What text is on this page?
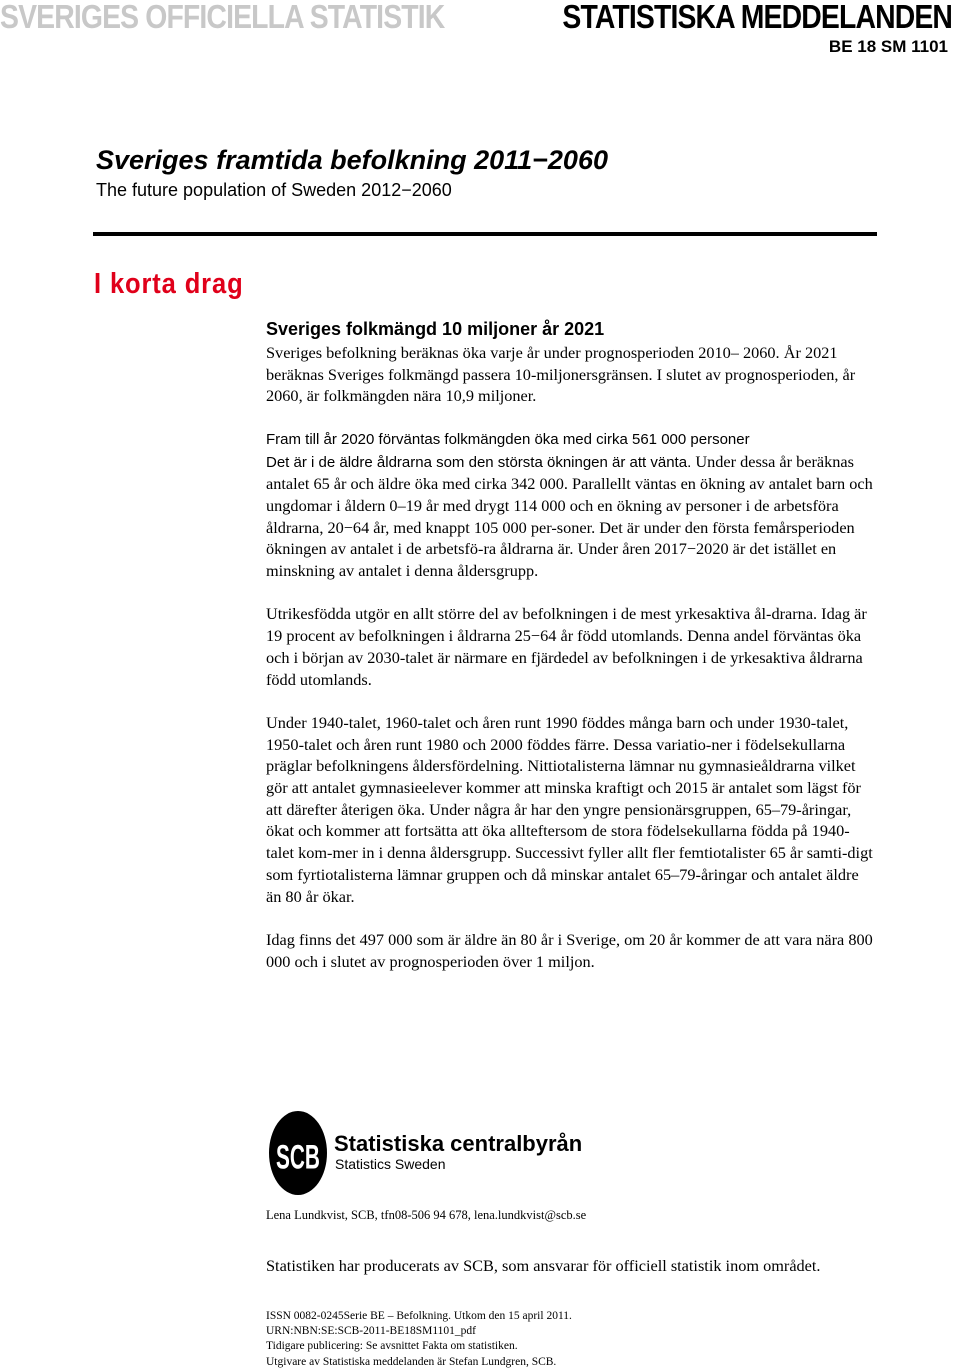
SVERIGES OFFICIELLA STATISTIK	STATISTISKA MEDDELANDEN
BE 18 SM 1101
Sveriges framtida befolkning 2011−2060
The future population of Sweden 2012−2060
I korta drag
Sveriges folkmängd 10 miljoner år 2021

Sveriges befolkning beräknas öka varje år under prognosperioden 2010– 2060. År 2021 beräknas Sveriges folkmängd passera 10-miljonersgränsen. I slutet av prognosperioden, år 2060, är folkmängden nära 10,9 miljoner.

Fram till år 2020 förväntas folkmängden öka med cirka 561 000 personer
Det är i de äldre åldrarna som den största ökningen är att vänta. Under dessa år beräknas antalet 65 år och äldre öka med cirka 342 000. Parallellt väntas en ökning av antalet barn och ungdomar i åldern 0–19 år med drygt 114 000 och en ökning av personer i de arbetsföra åldrarna, 20−64 år, med knappt 105 000 per-soner. Det är under den första femårsperioden ökningen av antalet i de arbetsfö-ra åldrarna är. Under åren 2017−2020 är det istället en minskning av antalet i denna åldersgrupp.

Utrikesfödda utgör en allt större del av befolkningen i de mest yrkesaktiva ål-drarna. Idag är 19 procent av befolkningen i åldrarna 25−64 år född utomlands. Denna andel förväntas öka och i början av 2030-talet är närmare en fjärdedel av befolkningen i de yrkesaktiva åldrarna född utomlands.

Under 1940-talet, 1960-talet och åren runt 1990 föddes många barn och under 1930-talet, 1950-talet och åren runt 1980 och 2000 föddes färre. Dessa variatio-ner i födelsekullarna präglar befolkningens åldersfördelning. Nittiotalisterna lämnar nu gymnasieåldrarna vilket gör att antalet gymnasieelever kommer att minska kraftigt och 2015 är antalet som lägst för att därefter återigen öka. Under några år har den yngre pensionärsgruppen, 65–79-åringar, ökat och kommer att fortsätta att öka allteftersom de stora födelsekullarna födda på 1940-talet kom-mer in i denna åldersgrupp. Successivt fyller allt fler femtiotalister 65 år samti-digt som fyrtiotalisterna lämnar gruppen och då minskar antalet 65–79-åringar och antalet äldre än 80 år ökar.

Idag finns det 497 000 som är äldre än 80 år i Sverige, om 20 år kommer de att vara nära 800 000 och i slutet av prognosperioden över 1 miljon.

SCB Statistiska centralbyrån
Statistics Sweden
Lena Lundkvist, SCB, tfn08-506 94 678, lena.lundkvist@scb.se
Statistiken har producerats av SCB, som ansvarar för officiell statistik inom området.
ISSN 0082-0245Serie BE – Befolkning. Utkom den 15 april 2011.
URN:NBN:SE:SCB-2011-BE18SM1101_pdf
Tidigare publicering: Se avsnittet Fakta om statistiken.
Utgivare av Statistiska meddelanden är Stefan Lundgren, SCB.
